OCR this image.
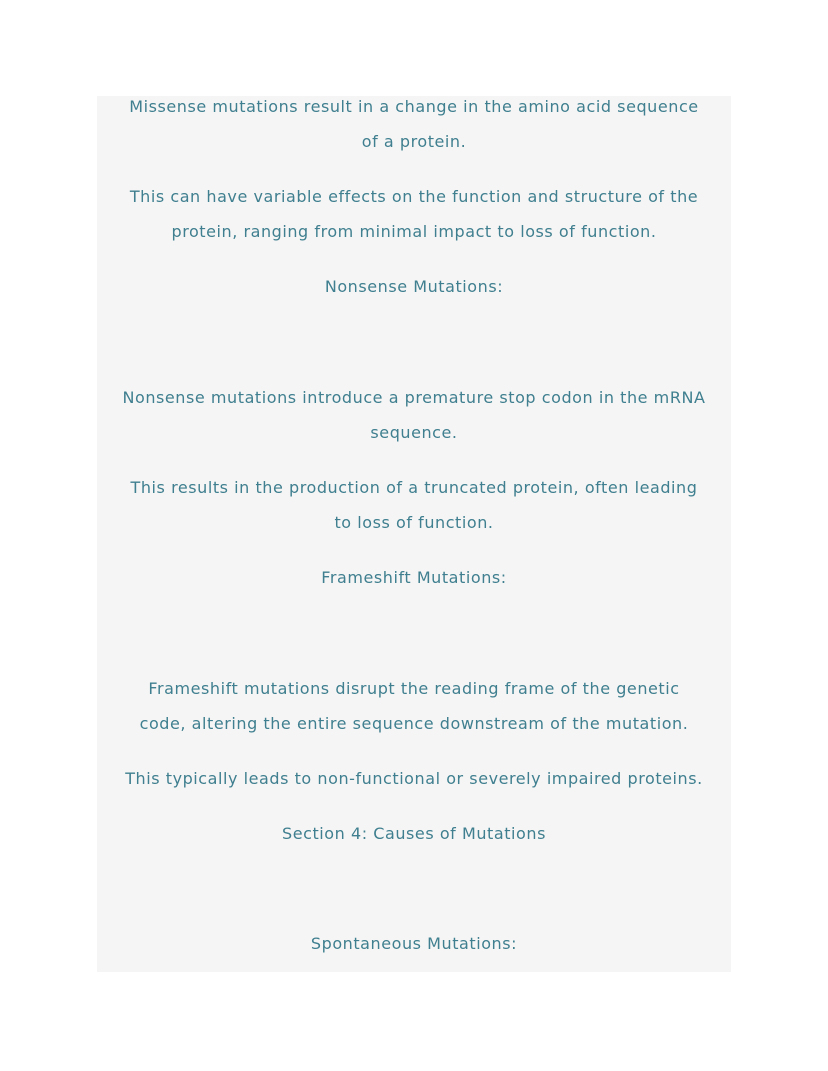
Missense mutations result in a change in the amino acid sequence
of a protein.
This can have variable effects on the function and structure of the
protein, ranging from minimal impact to loss of function.
Nonsense Mutations:
Nonsense mutations introduce a premature stop codon in the mRNA
sequence.
This results in the production of a truncated protein, often leading
to loss of function.
Frameshift Mutations:
Frameshift mutations disrupt the reading frame of the genetic
code, altering the entire sequence downstream of the mutation.
This typically leads to non-functional or severely impaired proteins.
Section 4: Causes of Mutations
Spontaneous Mutations:
